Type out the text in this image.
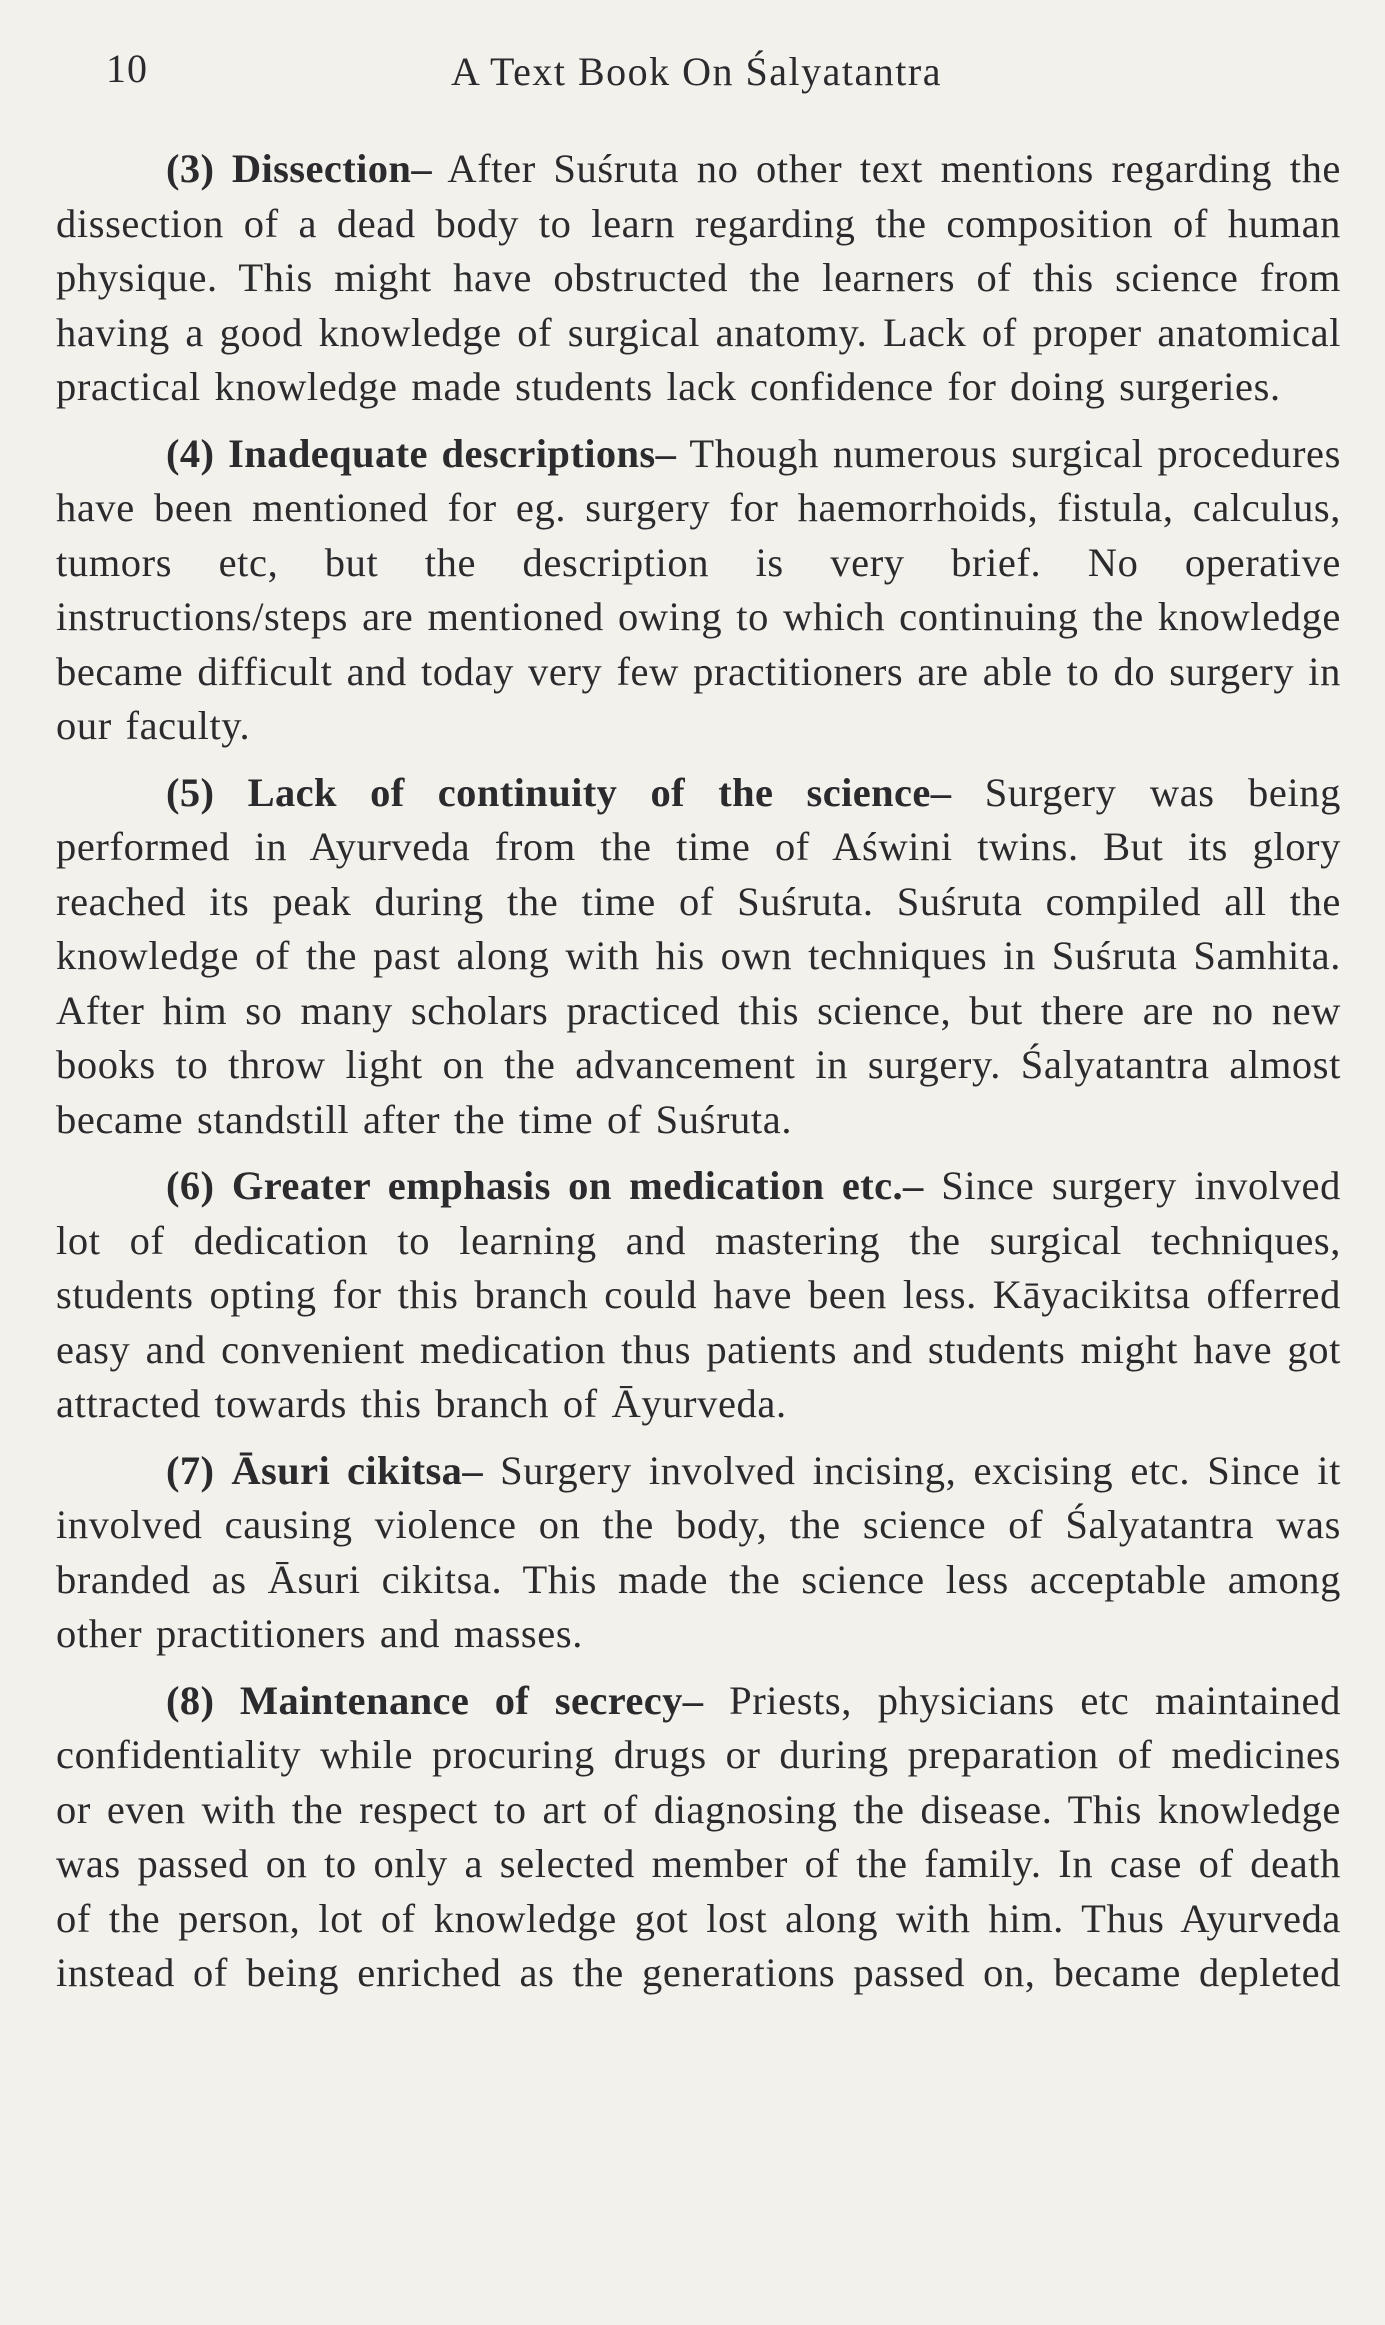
10	A Text Book On Śalyatantra

(3) Dissection– After Suśruta no other text mentions regarding the dissection of a dead body to learn regarding the composition of human physique. This might have obstructed the learners of this science from having a good knowledge of surgical anatomy. Lack of proper anatomical practical knowledge made students lack confidence for doing surgeries.

(4) Inadequate descriptions– Though numerous surgical procedures have been mentioned for eg. surgery for haemorrhoids, fistula, calculus, tumors etc, but the description is very brief. No operative instructions/steps are mentioned owing to which continuing the knowledge became difficult and today very few practitioners are able to do surgery in our faculty.

(5) Lack of continuity of the science– Surgery was being performed in Ayurveda from the time of Aświni twins. But its glory reached its peak during the time of Suśruta. Suśruta compiled all the knowledge of the past along with his own techniques in Suśruta Samhita. After him so many scholars practiced this science, but there are no new books to throw light on the advancement in surgery. Śalyatantra almost became standstill after the time of Suśruta.

(6) Greater emphasis on medication etc.– Since surgery involved lot of dedication to learning and mastering the surgical techniques, students opting for this branch could have been less. Kāyacikitsa offerred easy and convenient medication thus patients and students might have got attracted towards this branch of Āyurveda.

(7) Āsuri cikitsa– Surgery involved incising, excising etc. Since it involved causing violence on the body, the science of Śalyatantra was branded as Āsuri cikitsa. This made the science less acceptable among other practitioners and masses.

(8) Maintenance of secrecy– Priests, physicians etc maintained confidentiality while procuring drugs or during preparation of medicines or even with the respect to art of diagnosing the disease. This knowledge was passed on to only a selected member of the family. In case of death of the person, lot of knowledge got lost along with him. Thus Ayurveda instead of being enriched as the generations passed on, became depleted
